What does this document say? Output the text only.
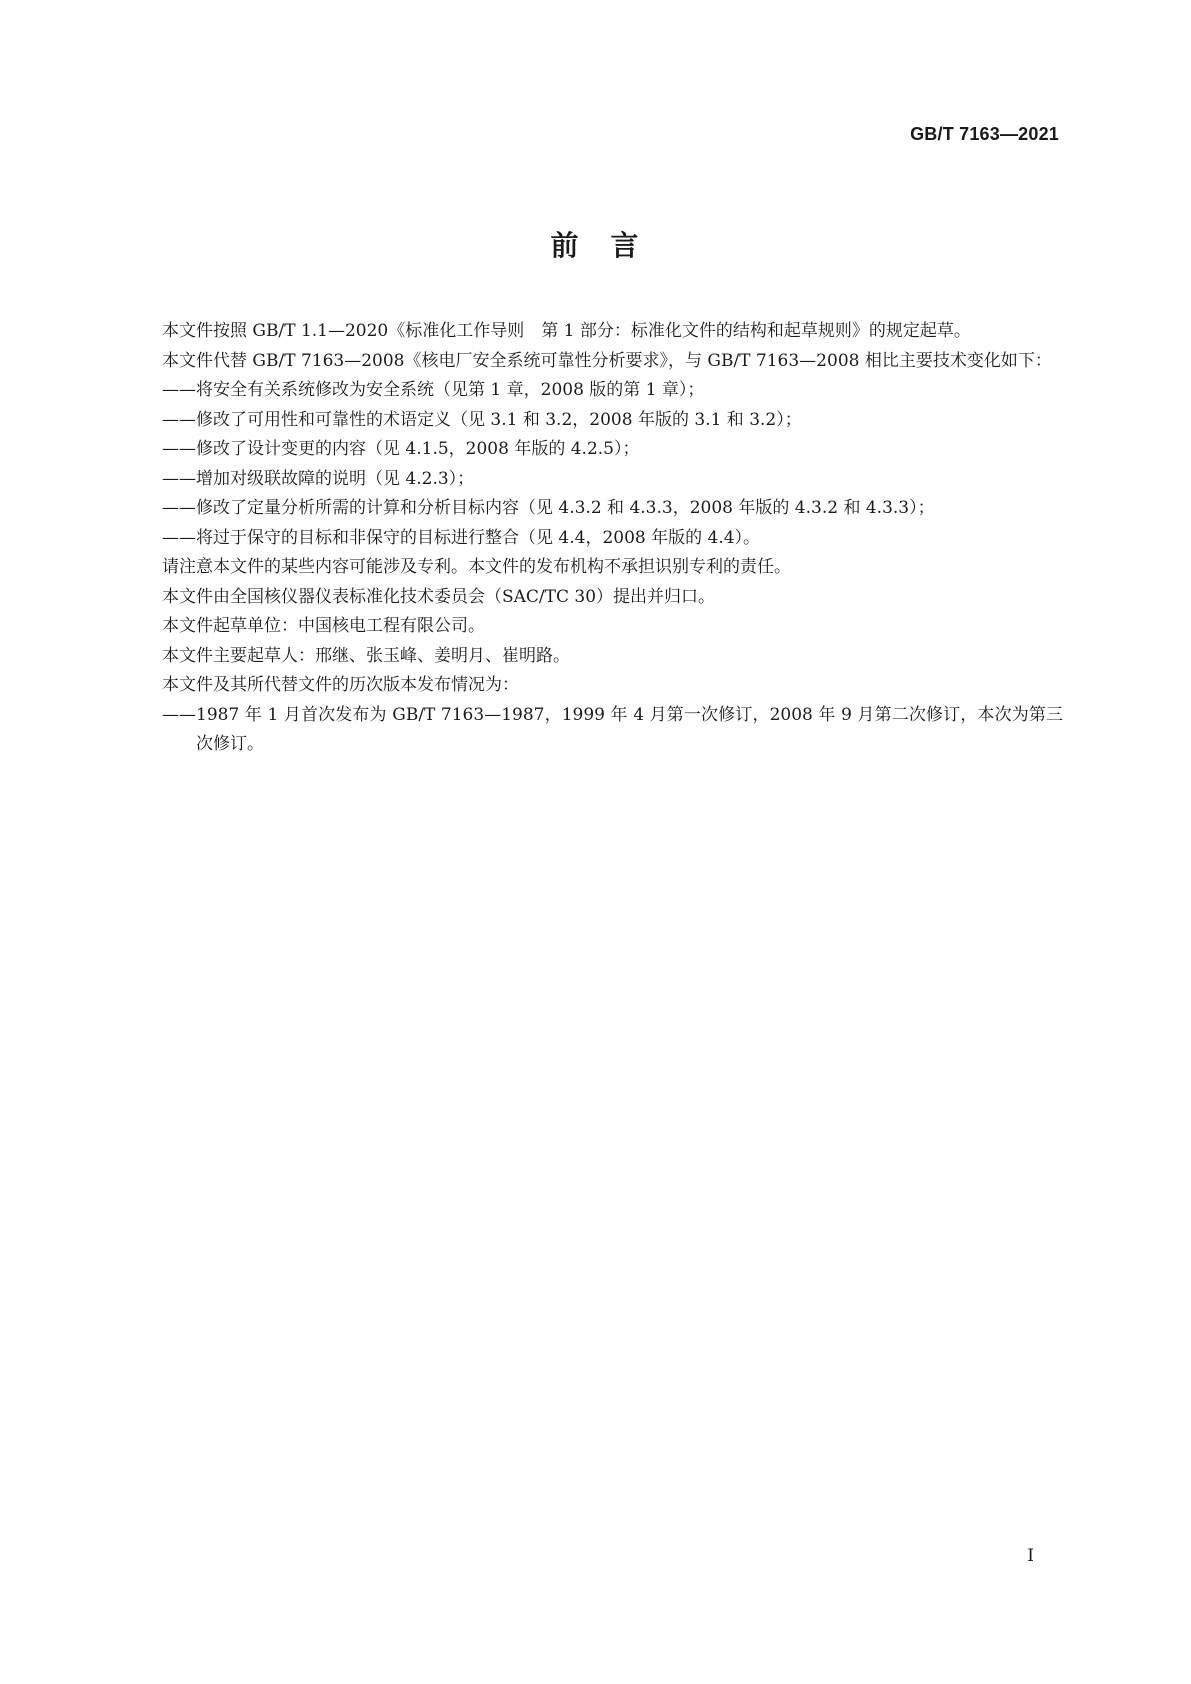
GB/T 7163—2021
前　言

本文件按照 GB/T 1.1—2020《标准化工作导则　第 1 部分：标准化文件的结构和起草规则》的规定起草。

本文件代替 GB/T 7163—2008《核电厂安全系统可靠性分析要求》，与 GB/T 7163—2008 相比主要技术变化如下：

——将安全有关系统修改为安全系统（见第 1 章，2008 版的第 1 章）；

——修改了可用性和可靠性的术语定义（见 3.1 和 3.2，2008 年版的 3.1 和 3.2）；

——修改了设计变更的内容（见 4.1.5，2008 年版的 4.2.5）；

——增加对级联故障的说明（见 4.2.3）；

——修改了定量分析所需的计算和分析目标内容（见 4.3.2 和 4.3.3，2008 年版的 4.3.2 和 4.3.3）；

——将过于保守的目标和非保守的目标进行整合（见 4.4，2008 年版的 4.4）。

请注意本文件的某些内容可能涉及专利。本文件的发布机构不承担识别专利的责任。

本文件由全国核仪器仪表标准化技术委员会（SAC/TC 30）提出并归口。

本文件起草单位：中国核电工程有限公司。

本文件主要起草人：邢继、张玉峰、姜明月、崔明路。

本文件及其所代替文件的历次版本发布情况为：

——1987 年 1 月首次发布为 GB/T 7163—1987，1999 年 4 月第一次修订，2008 年 9 月第二次修订，本次为第三次修订。

I
